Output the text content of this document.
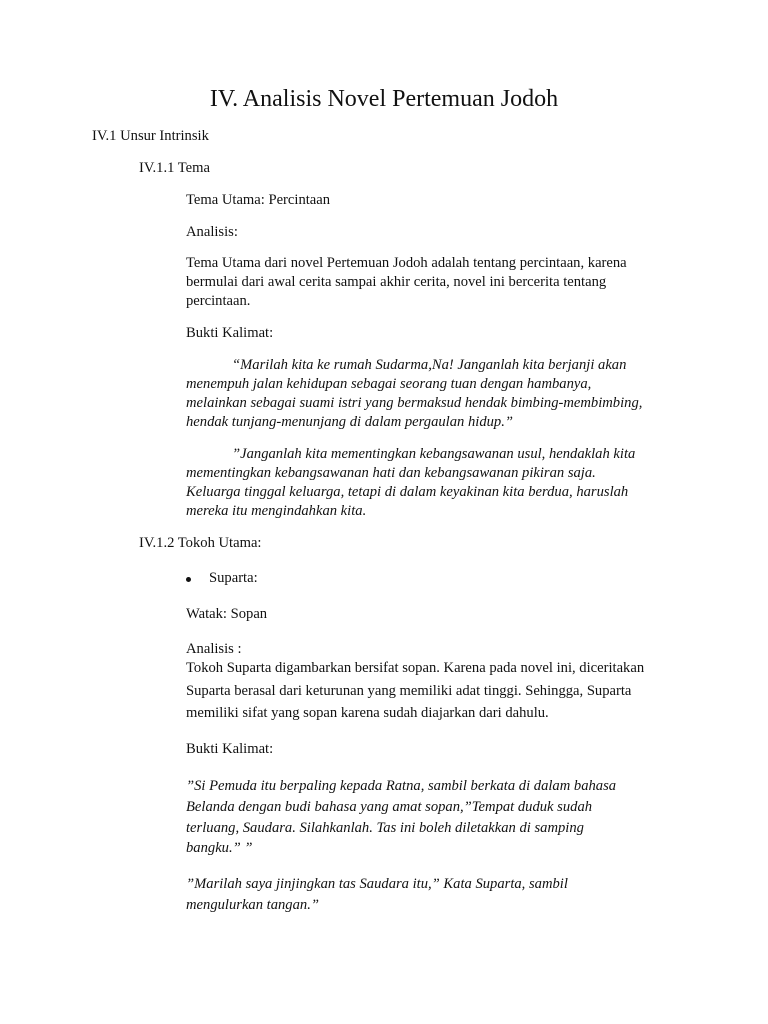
IV. Analisis Novel Pertemuan Jodoh
IV.1 Unsur Intrinsik
IV.1.1 Tema
Tema Utama: Percintaan
Analisis:
Tema Utama dari novel Pertemuan Jodoh adalah tentang percintaan, karena
bermulai dari awal cerita sampai akhir cerita, novel ini bercerita tentang
percintaan.
Bukti Kalimat:
“Marilah kita ke rumah Sudarma,Na! Janganlah kita berjanji akan
menempuh jalan kehidupan sebagai seorang tuan dengan hambanya,
melainkan sebagai suami istri yang bermaksud hendak bimbing-membimbing,
hendak tunjang-menunjang di dalam pergaulan hidup.”
”Janganlah kita mementingkan kebangsawanan usul, hendaklah kita
mementingkan kebangsawanan hati dan kebangsawanan pikiran saja.
Keluarga tinggal keluarga, tetapi di dalam keyakinan kita berdua, haruslah
mereka itu mengindahkan kita.
IV.1.2 Tokoh Utama:
Suparta:
Watak: Sopan
Analisis :
Tokoh Suparta digambarkan bersifat sopan. Karena pada novel ini, diceritakan
Suparta berasal dari keturunan yang memiliki adat tinggi. Sehingga, Suparta
memiliki sifat yang sopan karena sudah diajarkan dari dahulu.
Bukti Kalimat:
”Si Pemuda itu berpaling kepada Ratna, sambil berkata di dalam bahasa
Belanda dengan budi bahasa yang amat sopan,”Tempat duduk sudah
terluang, Saudara. Silahkanlah. Tas ini boleh diletakkan di samping
bangku.” ”
”Marilah saya jinjingkan tas Saudara itu,” Kata Suparta, sambil
mengulurkan tangan.”
